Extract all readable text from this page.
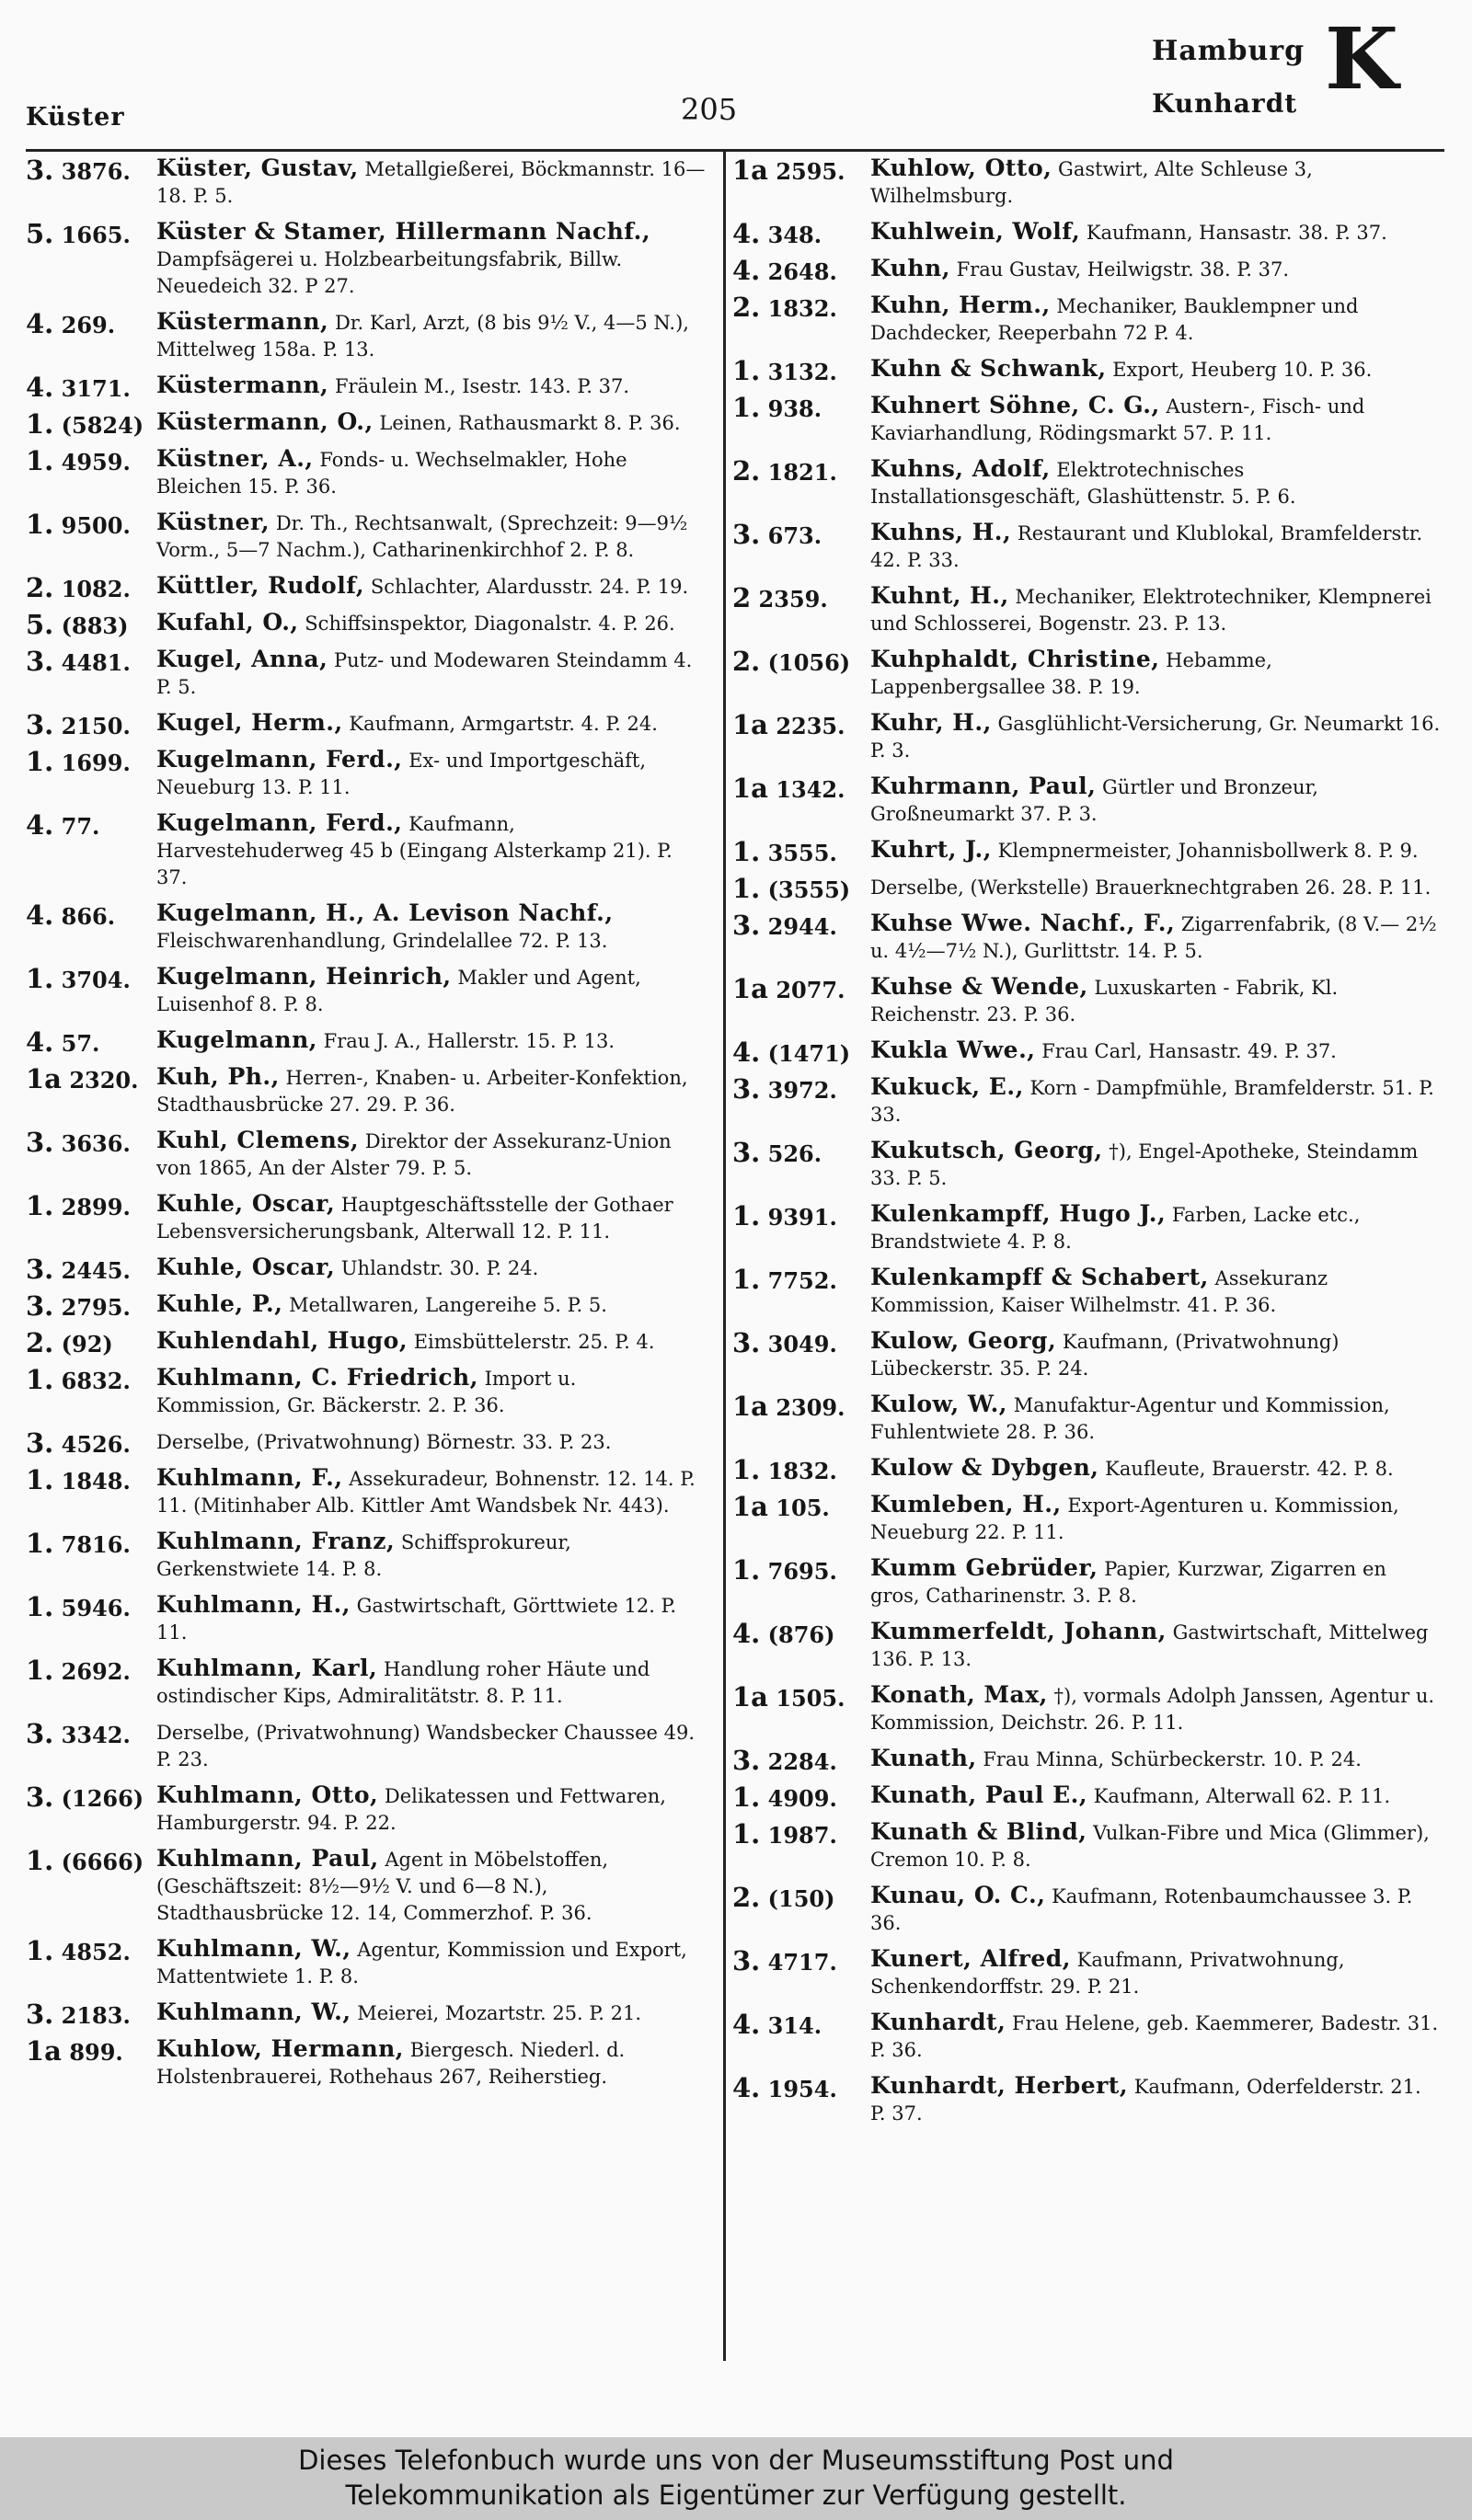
Küster	205
Hamburg
Kunhardt K
3. 3876.	Küster, Gustav, Metallgießerei, Böckmannstr. 16—18. P. 5.
5. 1665.	Küster & Stamer, Hillermann Nachf., Dampfsägerei u. Holzbearbeitungsfabrik, Billw. Neuedeich 32. P 27.
4. 269.	Küstermann, Dr. Karl, Arzt, (8 bis 9½ V., 4—5 N.), Mittelweg 158a. P. 13.
4. 3171.	Küstermann, Fräulein M., Isestr. 143. P. 37.
1. (5824) Küstermann, O., Leinen, Rathausmarkt 8. P. 36.
1. 4959.	Küstner, A., Fonds- u. Wechselmakler, Hohe Bleichen 15. P. 36.
1. 9500.	Küstner, Dr. Th., Rechtsanwalt, (Sprechzeit: 9—9½ Vorm., 5—7 Nachm.), Catharinenkirchhof 2. P. 8.
2. 1082.	Küttler, Rudolf, Schlachter, Alardusstr. 24. P. 19.
5. (883)	Kufahl, O., Schiffsinspektor, Diagonalstr. 4. P. 26.
3. 4481.	Kugel, Anna, Putz- und Modewaren Steindamm 4. P. 5.
3. 2150.	Kugel, Herm., Kaufmann, Armgartstr. 4. P. 24.
1. 1699.	Kugelmann, Ferd., Ex- und Importgeschäft, Neueburg 13. P. 11.
4. 77.	Kugelmann, Ferd., Kaufmann, Harvestehuderweg 45 b (Eingang Alsterkamp 21). P. 37.
4. 866.	Kugelmann, H., A. Levison Nachf., Fleischwarenhandlung, Grindelallee 72. P. 13.
1. 3704.	Kugelmann, Heinrich, Makler und Agent, Luisenhof 8. P. 8.
4. 57.	Kugelmann, Frau J. A., Hallerstr. 15. P. 13.
1a 2320. Kuh, Ph., Herren-, Knaben- u. Arbeiter-Konfektion, Stadthausbrücke 27. 29. P. 36.
3. 3636.	Kuhl, Clemens, Direktor der Assekuranz-Union von 1865, An der Alster 79. P. 5.
1. 2899.	Kuhle, Oscar, Hauptgeschäftsstelle der Gothaer Lebensversicherungsbank, Alterwall 12. P. 11.
3. 2445.	Kuhle, Oscar, Uhlandstr. 30. P. 24.
3. 2795.	Kuhle, P., Metallwaren, Langereihe 5. P. 5.
2. (92)	Kuhlendahl, Hugo, Eimsbüttelerstr. 25. P. 4.
1. 6832.	Kuhlmann, C. Friedrich, Import u. Kommission, Gr. Bäckerstr. 2. P. 36.
3. 4526.	Derselbe, (Privatwohnung) Börnestr. 33. P. 23.
1. 1848.	Kuhlmann, F., Assekuradeur, Bohnenstr. 12. 14. P. 11. (Mitinhaber Alb. Kittler Amt Wandsbek Nr. 443).
1. 7816.	Kuhlmann, Franz, Schiffsprokureur, Gerkenstwiete 14. P. 8.
1. 5946.	Kuhlmann, H., Gastwirtschaft, Görttwiete 12. P. 11.
1. 2692.	Kuhlmann, Karl, Handlung roher Häute und ostindischer Kips, Admiralitätstr. 8. P. 11.
3. 3342.	Derselbe, (Privatwohnung) Wandsbecker Chaussee 49. P. 23.
3. (1266) Kuhlmann, Otto, Delikatessen und Fettwaren, Hamburgerstr. 94. P. 22.
1. (6666) Kuhlmann, Paul, Agent in Möbelstoffen, (Geschäftszeit: 8½—9½ V. und 6—8 N.), Stadthausbrücke 12. 14, Commerzhof. P. 36.
1. 4852.	Kuhlmann, W., Agentur, Kommission und Export, Mattentwiete 1. P. 8.
3. 2183.	Kuhlmann, W., Meierei, Mozartstr. 25. P. 21.
1a 899.	Kuhlow, Hermann, Biergesch. Niederl. d. Holstenbrauerei, Rothehaus 267, Reiherstieg.
1a 2595.	Kuhlow, Otto, Gastwirt, Alte Schleuse 3, Wilhelmsburg.
4. 348.	Kuhlwein, Wolf, Kaufmann, Hansastr. 38. P. 37.
4. 2648.	Kuhn, Frau Gustav, Heilwigstr. 38. P. 37.
2. 1832.	Kuhn, Herm., Mechaniker, Bauklempner und Dachdecker, Reeperbahn 72 P. 4.
1. 3132.	Kuhn & Schwank, Export, Heuberg 10. P. 36.
1. 938.	Kuhnert Söhne, C. G., Austern-, Fisch- und Kaviarhandlung, Rödingsmarkt 57. P. 11.
2. 1821.	Kuhns, Adolf, Elektrotechnisches Installationsgeschäft, Glashüttenstr. 5. P. 6.
3. 673.	Kuhns, H., Restaurant und Klublokal, Bramfelderstr. 42. P. 33.
2 2359.	Kuhnt, H., Mechaniker, Elektrotechniker, Klempnerei und Schlosserei, Bogenstr. 23. P. 13.
2. (1056) Kuhphaldt, Christine, Hebamme, Lappenbergsallee 38. P. 19.
1a 2235.	Kuhr, H., Gasglühlicht-Versicherung, Gr. Neumarkt 16. P. 3.
1a 1342.	Kuhrmann, Paul, Gürtler und Bronzeur, Großneumarkt 37. P. 3.
1. 3555.	Kuhrt, J., Klempnermeister, Johannisbollwerk 8. P. 9.
1. (3555)	Derselbe, (Werkstelle) Brauerknechtgraben 26. 28. P. 11.
3. 2944.	Kuhse Wwe. Nachf., F., Zigarrenfabrik, (8 V.— 2½ u. 4½—7½ N.), Gurlittstr. 14. P. 5.
1a 2077.	Kuhse & Wende, Luxuskarten - Fabrik, Kl. Reichenstr. 23. P. 36.
4. (1471) Kukla Wwe., Frau Carl, Hansastr. 49. P. 37.
3. 3972.	Kukuck, E., Korn - Dampfmühle, Bramfelderstr. 51. P. 33.
3. 526.	Kukutsch, Georg, †), Engel-Apotheke, Steindamm 33. P. 5.
1. 9391.	Kulenkampff, Hugo J., Farben, Lacke etc., Brandstwiete 4. P. 8.
1. 7752.	Kulenkampff & Schabert, Assekuranz Kommission, Kaiser Wilhelmstr. 41. P. 36.
3. 3049.	Kulow, Georg, Kaufmann, (Privatwohnung) Lübeckerstr. 35. P. 24.
1a 2309.	Kulow, W., Manufaktur-Agentur und Kommission, Fuhlentwiete 28. P. 36.
1. 1832.	Kulow & Dybgen, Kaufleute, Brauerstr. 42. P. 8.
1a 105.	Kumleben, H., Export-Agenturen u. Kommission, Neueburg 22. P. 11.
1. 7695.	Kumm Gebrüder, Papier, Kurzwar, Zigarren en gros, Catharinenstr. 3. P. 8.
4. (876)	Kummerfeldt, Johann, Gastwirtschaft, Mittelweg 136. P. 13.
1a 1505.	Konath, Max, †), vormals Adolph Janssen, Agentur u. Kommission, Deichstr. 26. P. 11.
3. 2284.	Kunath, Frau Minna, Schürbeckerstr. 10. P. 24.
1. 4909.	Kunath, Paul E., Kaufmann, Alterwall 62. P. 11.
1. 1987.	Kunath & Blind, Vulkan-Fibre und Mica (Glimmer), Cremon 10. P. 8.
2. (150)	Kunau, O. C., Kaufmann, Rotenbaumchaussee 3. P. 36.
3. 4717.	Kunert, Alfred, Kaufmann, Privatwohnung, Schenkendorffstr. 29. P. 21.
4. 314.	Kunhardt, Frau Helene, geb. Kaemmerer, Badestr. 31. P. 36.
4. 1954.	Kunhardt, Herbert, Kaufmann, Oderfelderstr. 21. P. 37.
Dieses Telefonbuch wurde uns von der Museumsstiftung Post und
Telekommunikation als Eigentümer zur Verfügung gestellt.
